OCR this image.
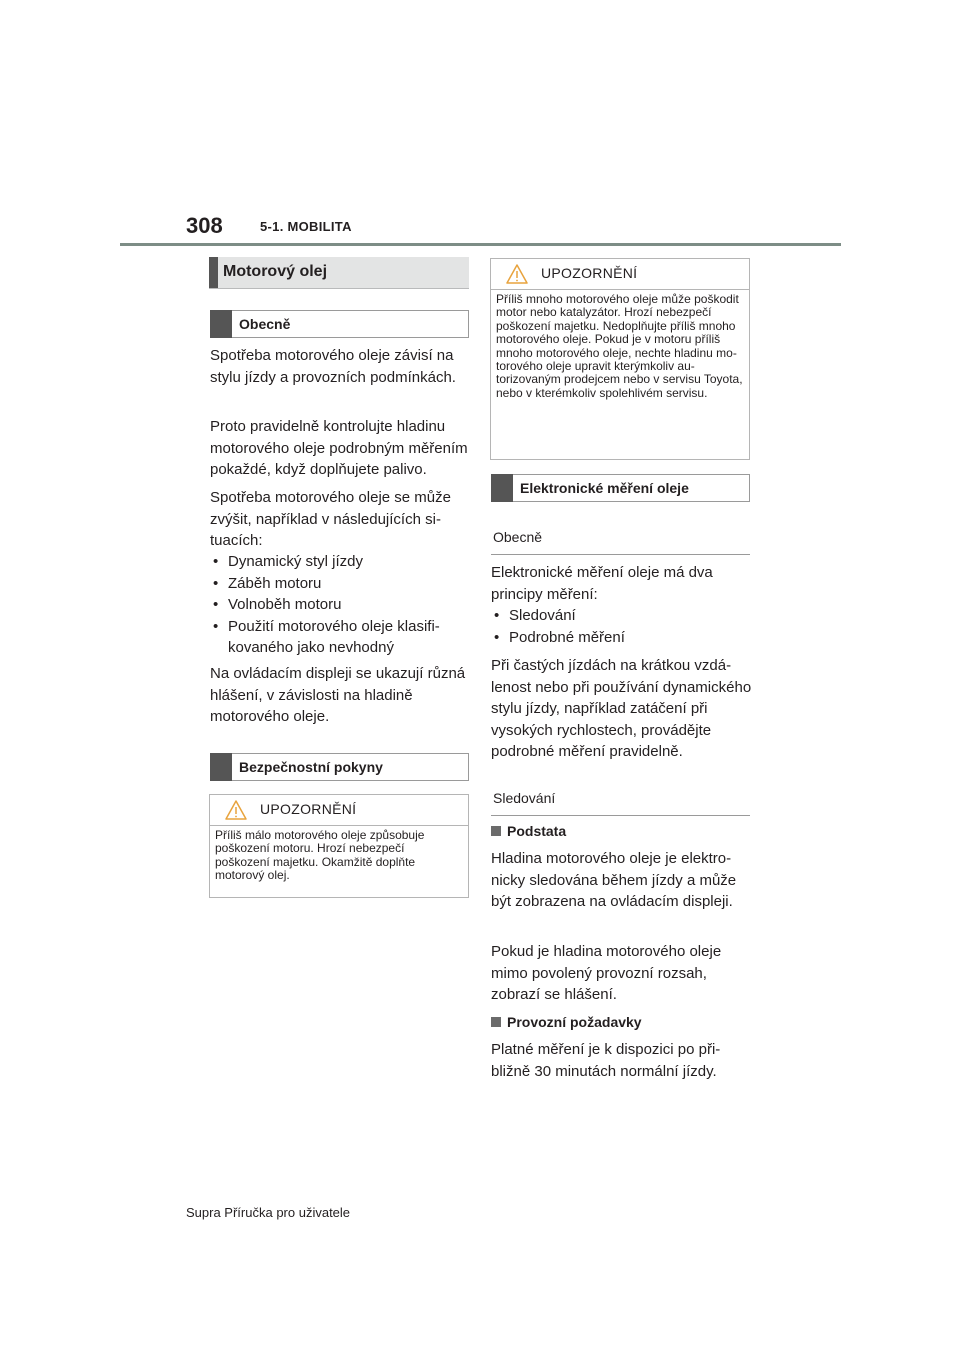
308	5-1. MOBILITA
Motorový olej
Obecně
Spotřeba motorového oleje závisí na stylu jízdy a provozních podmínkách.
Proto pravidelně kontrolujte hladinu motorového oleje podrobným měřením pokaždé, když doplňujete palivo.
Spotřeba motorového oleje se může zvýšit, například v následujících situacích:
• Dynamický styl jízdy
• Záběh motoru
• Volnoběh motoru
• Použití motorového oleje klasifikovaného jako nevhodný
Na ovládacím displeji se ukazují různá hlášení, v závislosti na hladině motorového oleje.
Bezpečnostní pokyny
UPOZORNĚNÍ
Příliš málo motorového oleje způsobuje poškození motoru. Hrozí nebezpečí poškození majetku. Okamžitě doplňte motorový olej.
UPOZORNĚNÍ
Příliš mnoho motorového oleje může poškodit motor nebo katalyzátor. Hrozí nebezpečí poškození majetku. Nedoplňujte příliš mnoho motorového oleje. Pokud je v motoru příliš mnoho motorového oleje, nechte hladinu motorového oleje upravit kterýmkoliv autorizovaným prodejcem nebo v servisu Toyota, nebo v kterémkoliv spolehlivém servisu.
Elektronické měření oleje
Obecně
Elektronické měření oleje má dva principy měření:
• Sledování
• Podrobné měření
Při častých jízdách na krátkou vzdálenost nebo při používání dynamického stylu jízdy, například zatáčení při vysokých rychlostech, provádějte podrobné měření pravidelně.
Sledování
Podstata
Hladina motorového oleje je elektronicky sledována během jízdy a může být zobrazena na ovládacím displeji.
Pokud je hladina motorového oleje mimo povolený provozní rozsah, zobrazí se hlášení.
Provozní požadavky
Platné měření je k dispozici po přibližně 30 minutách normální jízdy.
Supra Příručka pro uživatele
